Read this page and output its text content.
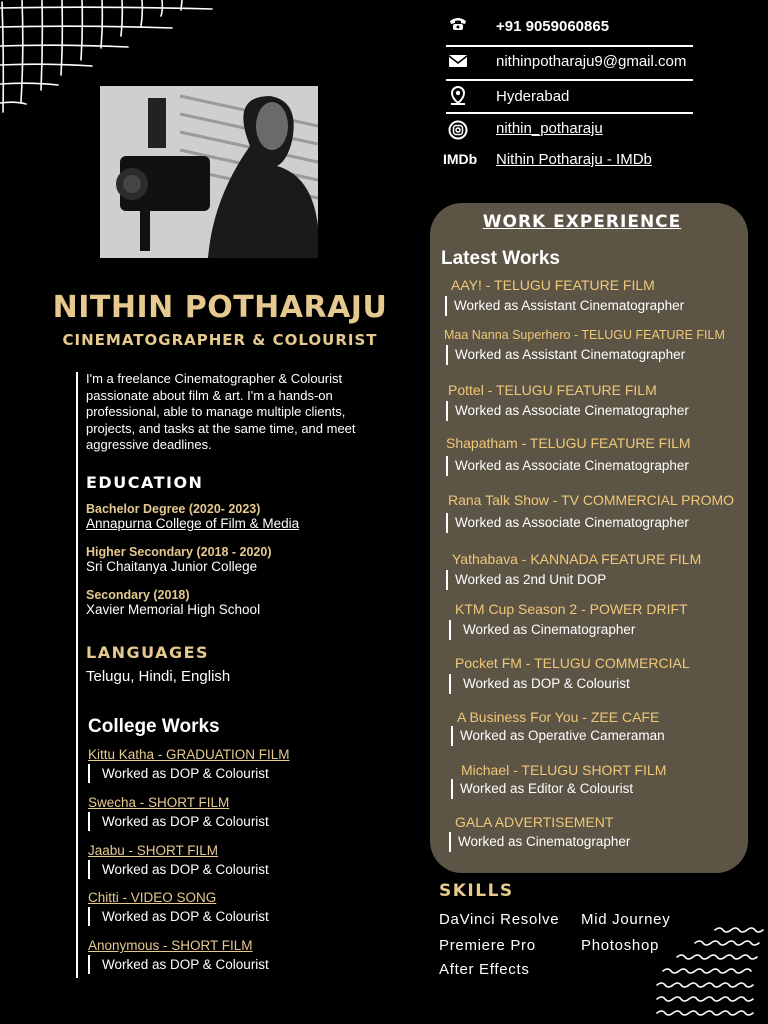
NITHIN POTHARAJU
CINEMATOGRAPHER & COLOURIST
I'm a freelance Cinematographer & Colourist passionate about film & art. I'm a hands-on professional, able to manage multiple clients, projects, and tasks at the same time, and meet aggressive deadlines.
EDUCATION
Bachelor Degree (2020- 2023)
Annapurna College of Film & Media
Higher Secondary (2018 - 2020)
Sri Chaitanya Junior College
Secondary (2018)
Xavier Memorial High School
LANGUAGES
Telugu, Hindi, English
College Works
Kittu Katha - GRADUATION FILM
Worked as DOP & Colourist
Swecha - SHORT FILM
Worked as DOP & Colourist
Jaabu - SHORT FILM
Worked as DOP & Colourist
Chitti - VIDEO SONG
Worked as DOP & Colourist
Anonymous - SHORT FILM
Worked as DOP & Colourist
+91 9059060865
nithinpotharaju9@gmail.com
Hyderabad
nithin_potharaju
IMDb Nithin Potharaju - IMDb
WORK EXPERIENCE
Latest Works
AAY! - TELUGU FEATURE FILM
Worked as Assistant Cinematographer
Maa Nanna Superhero - TELUGU FEATURE FILM
Worked as Assistant Cinematographer
Pottel - TELUGU FEATURE FILM
Worked as Associate Cinematographer
Shapatham - TELUGU FEATURE FILM
Worked as Associate Cinematographer
Rana Talk Show - TV COMMERCIAL PROMO
Worked as Associate Cinematographer
Yathabava - KANNADA FEATURE FILM
Worked as 2nd Unit DOP
KTM Cup Season 2 - POWER DRIFT
Worked as Cinematographer
Pocket FM - TELUGU COMMERCIAL
Worked as DOP & Colourist
A Business For You - ZEE CAFE
Worked as Operative Cameraman
Michael - TELUGU SHORT FILM
Worked as Editor & Colourist
GALA ADVERTISEMENT
Worked as Cinematographer
SKILLS
DaVinci Resolve Mid Journey
Premiere Pro	Photoshop
After Effects
